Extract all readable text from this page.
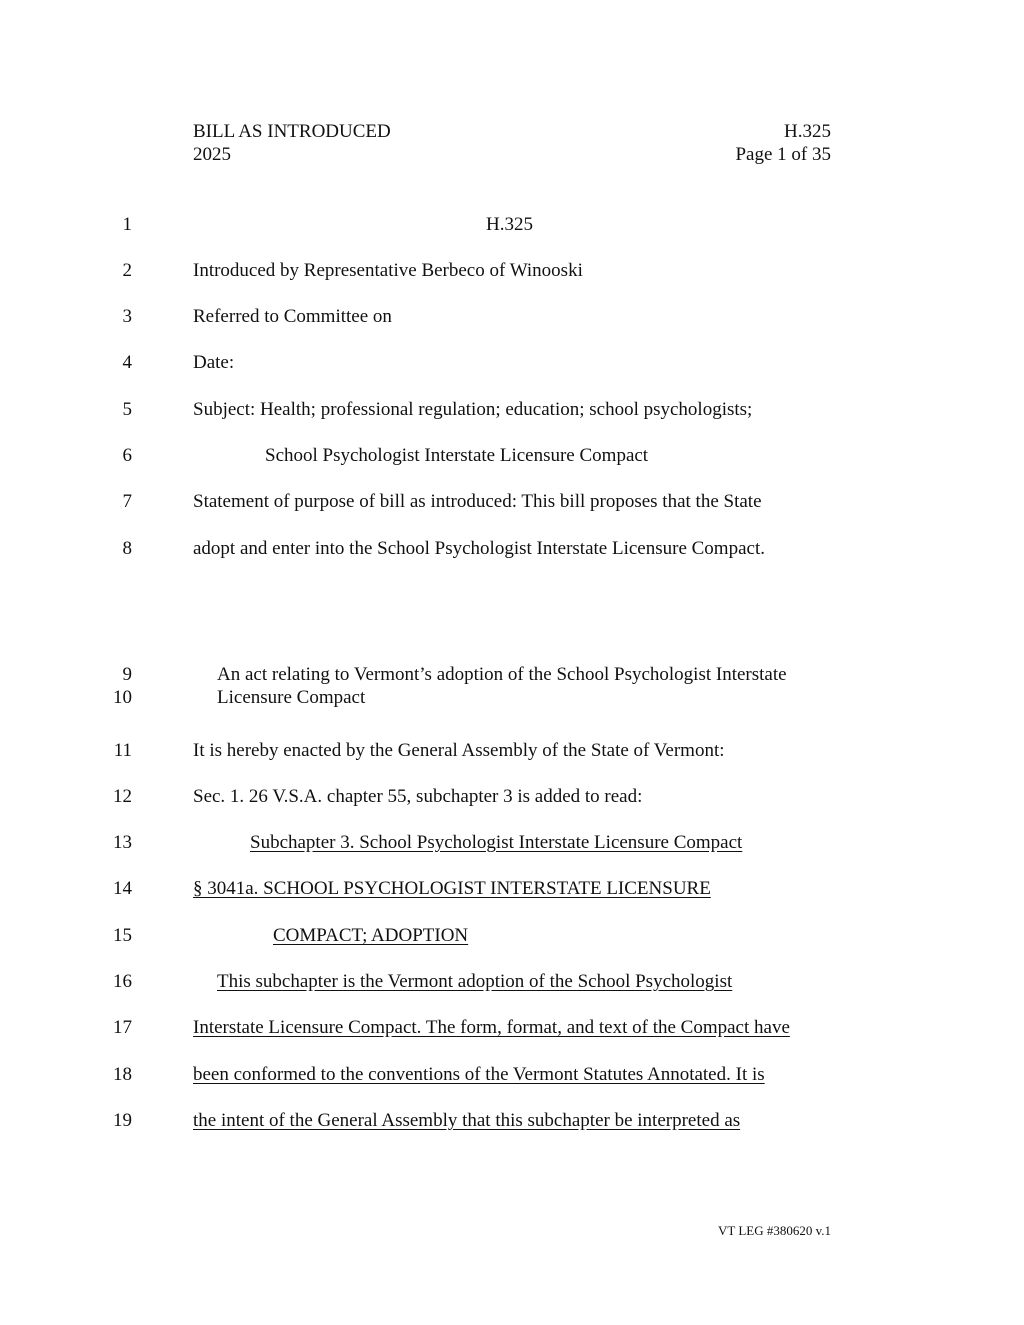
BILL AS INTRODUCED
2025
H.325
Page 1 of 35
1
2
3
4
5
6
7
8
9
10
11
12
13
14
15
16
17
18
19
H.325
Introduced by Representative Berbeco of Winooski
Referred to Committee on
Date:
Subject: Health; professional regulation; education; school psychologists;
School Psychologist Interstate Licensure Compact
Statement of purpose of bill as introduced: This bill proposes that the State
adopt and enter into the School Psychologist Interstate Licensure Compact.
An act relating to Vermont’s adoption of the School Psychologist Interstate
Licensure Compact
It is hereby enacted by the General Assembly of the State of Vermont:
Sec. 1. 26 V.S.A. chapter 55, subchapter 3 is added to read:
Subchapter 3. School Psychologist Interstate Licensure Compact
§ 3041a. SCHOOL PSYCHOLOGIST INTERSTATE LICENSURE
COMPACT; ADOPTION
This subchapter is the Vermont adoption of the School Psychologist
Interstate Licensure Compact. The form, format, and text of the Compact have
been conformed to the conventions of the Vermont Statutes Annotated. It is
the intent of the General Assembly that this subchapter be interpreted as
VT LEG #380620 v.1
